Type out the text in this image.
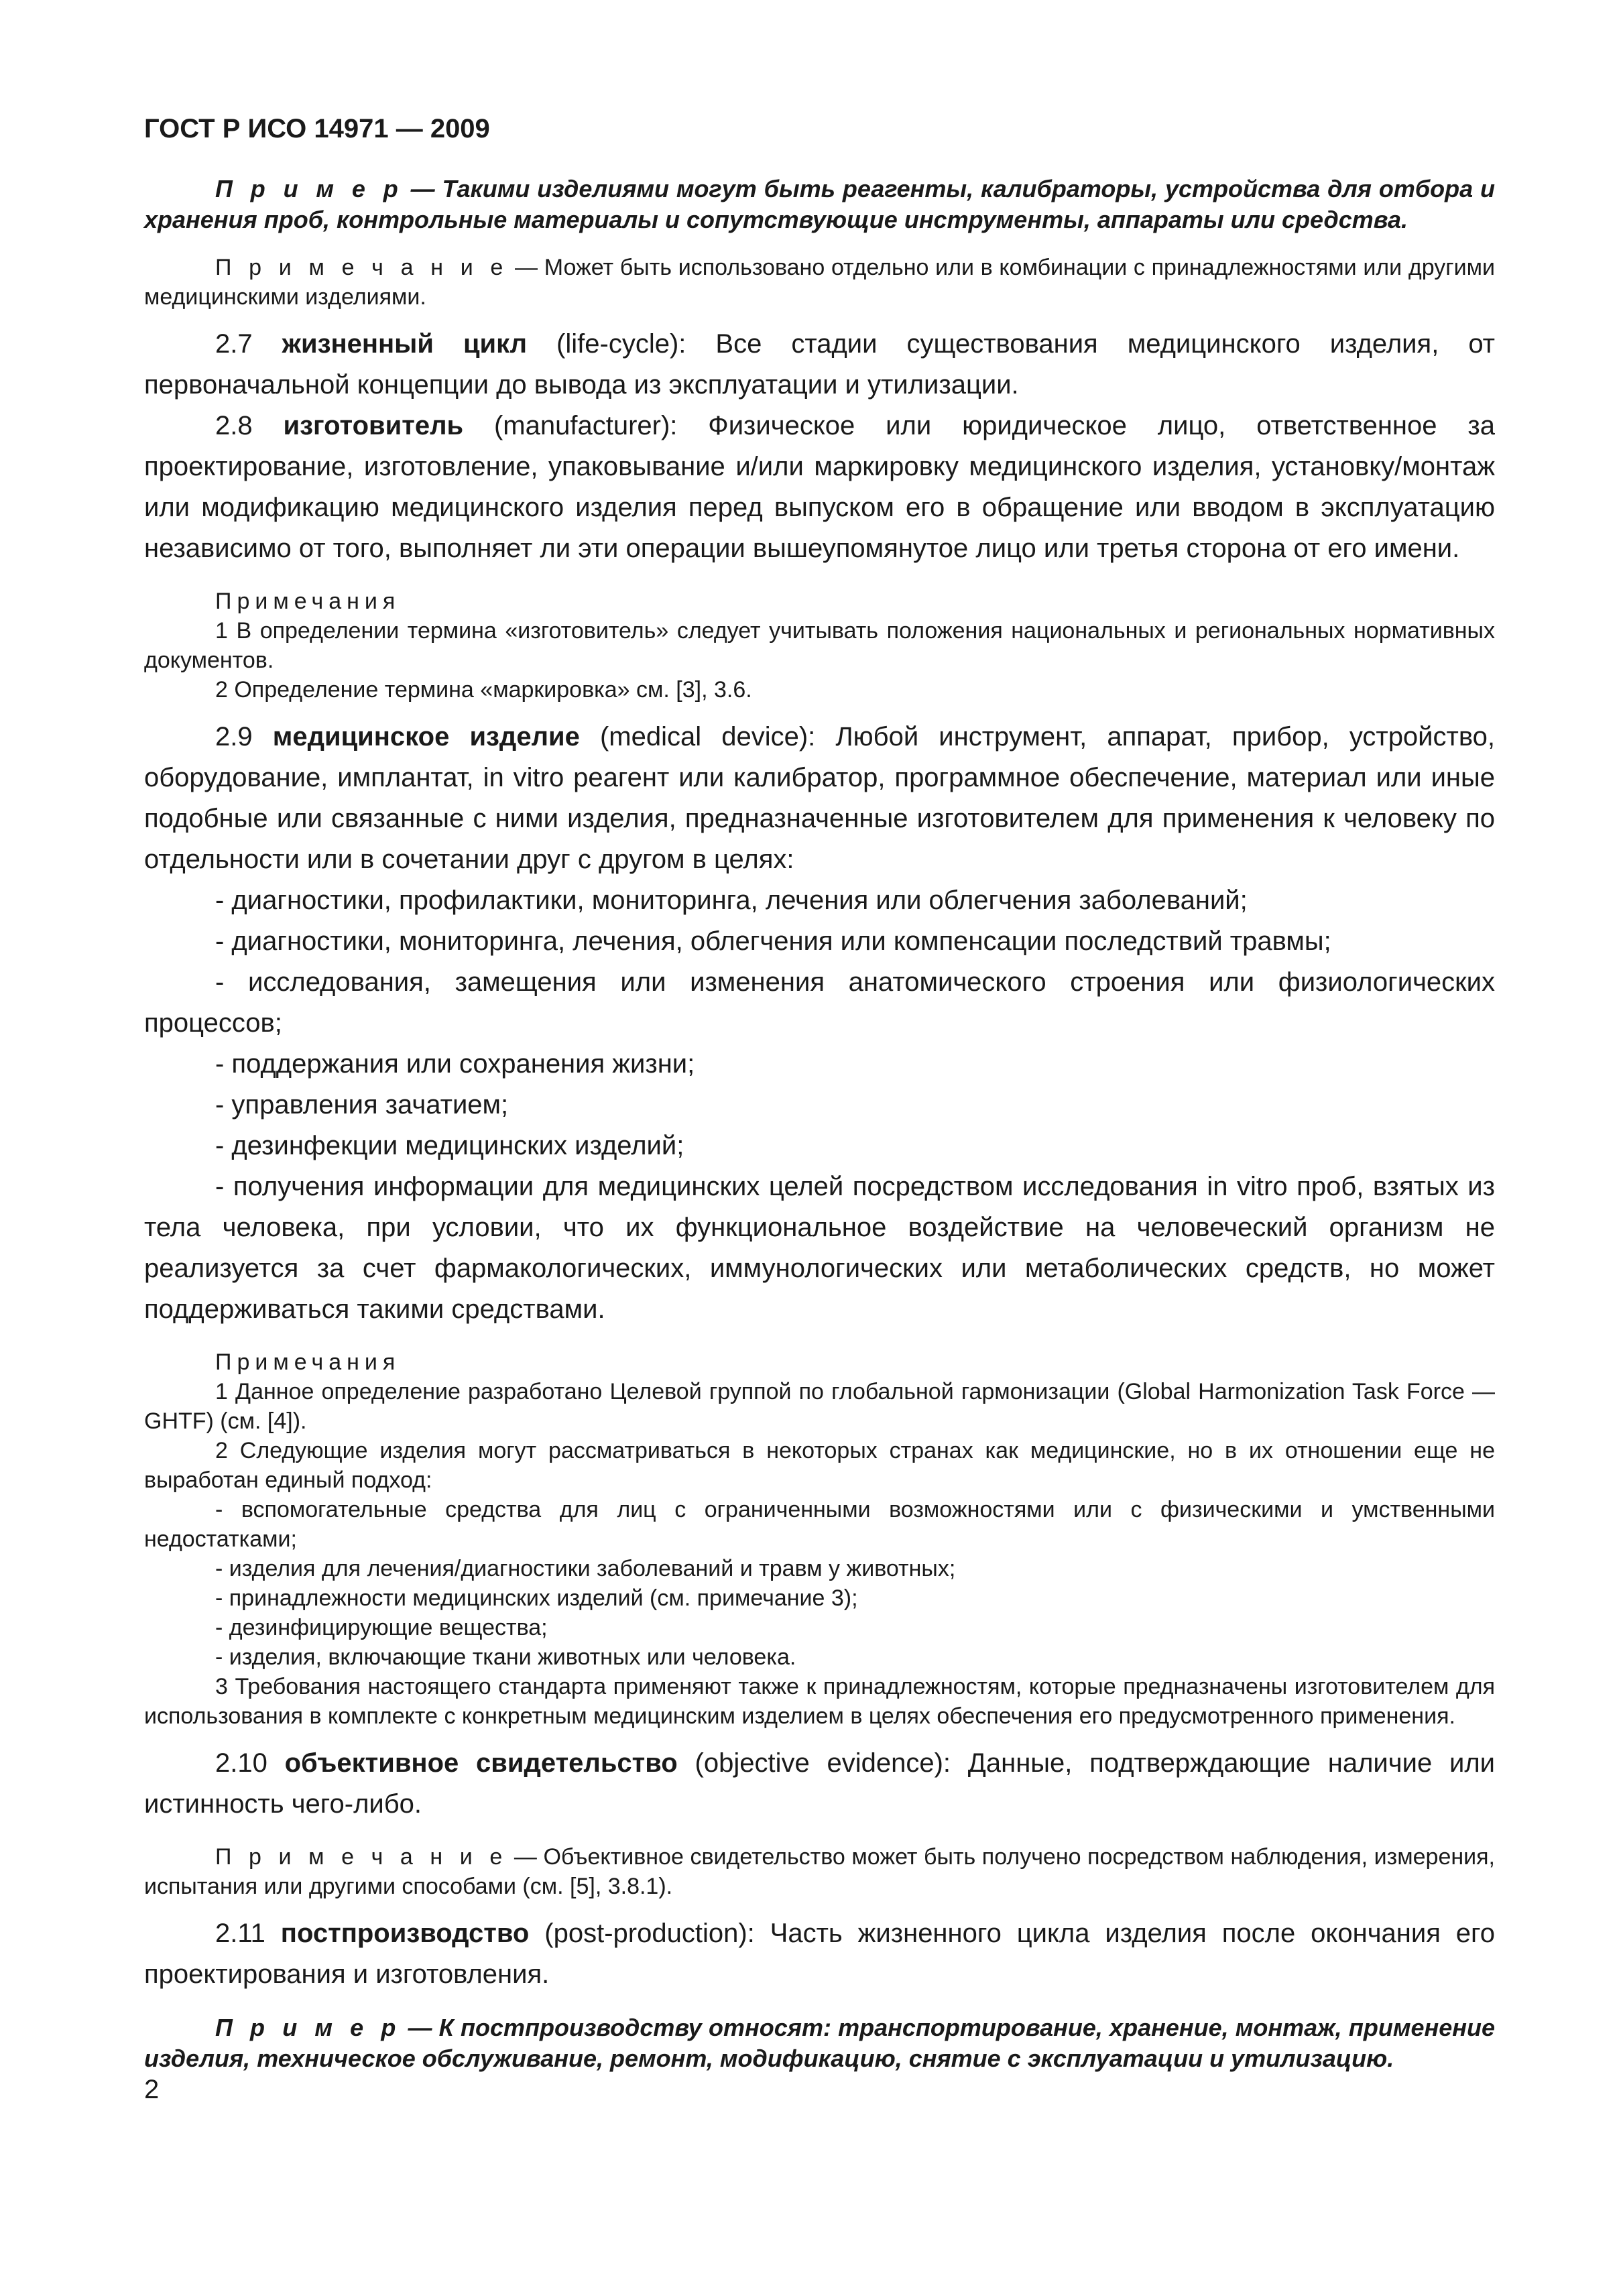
ГОСТ Р ИСО 14971 — 2009

П р и м е р — Такими изделиями могут быть реагенты, калибраторы, устройства для отбора и хранения проб, контрольные материалы и сопутствующие инструменты, аппараты или средства.

П р и м е ч а н и е — Может быть использовано отдельно или в комбинации с принадлежностями или другими медицинскими изделиями.

2.7 жизненный цикл (life-cycle): Все стадии существования медицинского изделия, от первоначальной концепции до вывода из эксплуатации и утилизации.

2.8 изготовитель (manufacturer): Физическое или юридическое лицо, ответственное за проектирование, изготовление, упаковывание и/или маркировку медицинского изделия, установку/монтаж или модификацию медицинского изделия перед выпуском его в обращение или вводом в эксплуатацию независимо от того, выполняет ли эти операции вышеупомянутое лицо или третья сторона от его имени.

Примечания

1 В определении термина «изготовитель» следует учитывать положения национальных и региональных нормативных документов.

2 Определение термина «маркировка» см. [3], 3.6.

2.9 медицинское изделие (medical device): Любой инструмент, аппарат, прибор, устройство, оборудование, имплантат, in vitro реагент или калибратор, программное обеспечение, материал или иные подобные или связанные с ними изделия, предназначенные изготовителем для применения к человеку по отдельности или в сочетании друг с другом в целях:

- диагностики, профилактики, мониторинга, лечения или облегчения заболеваний;

- диагностики, мониторинга, лечения, облегчения или компенсации последствий травмы;

- исследования, замещения или изменения анатомического строения или физиологических процессов;

- поддержания или сохранения жизни;

- управления зачатием;

- дезинфекции медицинских изделий;

- получения информации для медицинских целей посредством исследования in vitro проб, взятых из тела человека, при условии, что их функциональное воздействие на человеческий организм не реализуется за счет фармакологических, иммунологических или метаболических средств, но может поддерживаться такими средствами.

Примечания

1 Данное определение разработано Целевой группой по глобальной гармонизации (Global Harmonization Task Force — GHTF) (см. [4]).

2 Следующие изделия могут рассматриваться в некоторых странах как медицинские, но в их отношении еще не выработан единый подход:

- вспомогательные средства для лиц с ограниченными возможностями или с физическими и умственными недостатками;

- изделия для лечения/диагностики заболеваний и травм у животных;

- принадлежности медицинских изделий (см. примечание 3);

- дезинфицирующие вещества;

- изделия, включающие ткани животных или человека.

3 Требования настоящего стандарта применяют также к принадлежностям, которые предназначены изготовителем для использования в комплекте с конкретным медицинским изделием в целях обеспечения его предусмотренного применения.

2.10 объективное свидетельство (objective evidence): Данные, подтверждающие наличие или истинность чего-либо.

П р и м е ч а н и е — Объективное свидетельство может быть получено посредством наблюдения, измерения, испытания или другими способами (см. [5], 3.8.1).

2.11 постпроизводство (post-production): Часть жизненного цикла изделия после окончания его проектирования и изготовления.

П р и м е р — К постпроизводству относят: транспортирование, хранение, монтаж, применение изделия, техническое обслуживание, ремонт, модификацию, снятие с эксплуатации и утилизацию.

2
